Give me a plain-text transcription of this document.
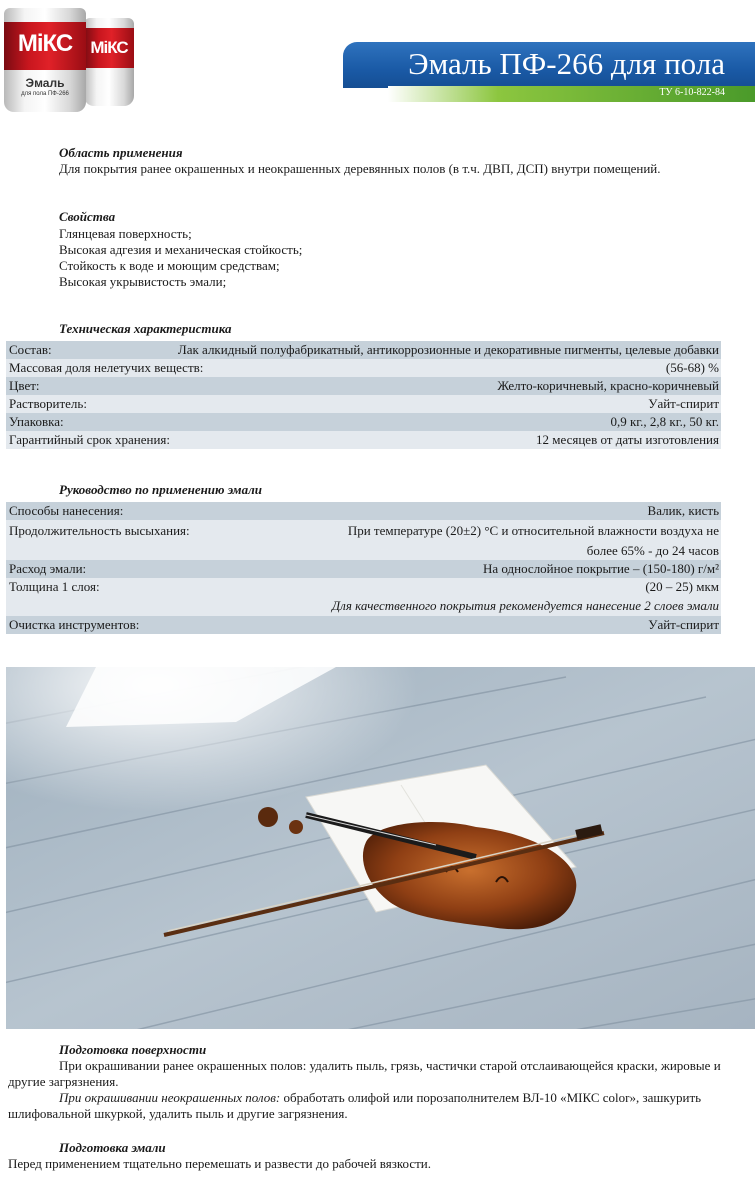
МіКС
МіКС
Эмаль
для пола ПФ-266
Эмаль ПФ-266 для пола
ТУ 6-10-822-84
Область применения
Для покрытия ранее окрашенных и неокрашенных деревянных полов (в т.ч. ДВП, ДСП) внутри помещений.
Свойства
Глянцевая поверхность;
Высокая адгезия и механическая стойкость;
Стойкость к воде и моющим средствам;
Высокая укрывистость эмали;
Техническая характеристика
Состав:	Лак алкидный полуфабрикатный, антикоррозионные и декоративные пигменты, целевые добавки
Массовая доля нелетучих веществ:	(56-68) %
Цвет:	Желто-коричневый, красно-коричневый
Растворитель:	Уайт-спирит
Упаковка:	0,9 кг., 2,8 кг., 50 кг.
Гарантийный срок хранения:	12 месяцев от даты изготовления
Руководство по применению эмали
Способы нанесения:	Валик, кисть
Продолжительность высыхания:	При температуре (20±2) °С и относительной влажности воздуха не
более 65% - до 24 часов
Расход эмали:	На однослойное покрытие – (150-180) г/м²
Толщина 1 слоя:	(20 – 25) мкм
Для качественного покрытия рекомендуется нанесение 2 слоев эмали
Очистка инструментов:	Уайт-спирит
Подготовка поверхности
При окрашивании ранее окрашенных полов: удалить пыль, грязь, частички старой отслаивающейся краски, жировые и другие загрязнения.
При окрашивании неокрашенных полов: обработать олифой или порозаполнителем ВЛ-10 «МІКС color», зашкурить шлифовальной шкуркой, удалить пыль и другие загрязнения.
Подготовка эмали
Перед применением тщательно перемешать и развести до рабочей вязкости.
